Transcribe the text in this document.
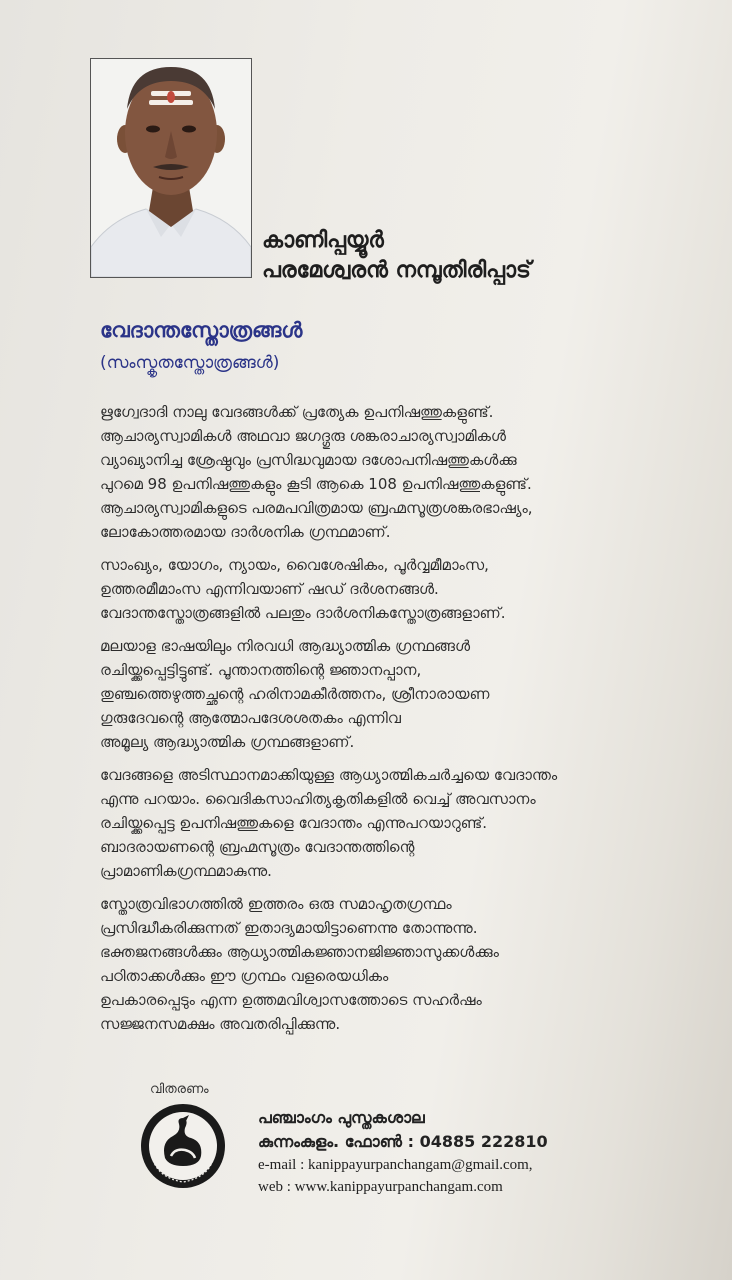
കാണിപ്പയ്യൂർ
പരമേശ്വരൻ നമ്പൂതിരിപ്പാട്
വേദാന്തസ്തോത്രങ്ങൾ
(സംസ്കൃതസ്തോത്രങ്ങൾ)

ഋഗ്വേദാദി നാലു വേദങ്ങൾക്ക് പ്രത്യേക ഉപനിഷത്തുകളുണ്ട്.
ആചാര്യസ്വാമികൾ അഥവാ ജഗദ്ഗുരു ശങ്കരാചാര്യസ്വാമികൾ
വ്യാഖ്യാനിച്ച ശ്രേഷ്ഠവും പ്രസിദ്ധവുമായ ദശോപനിഷത്തുകൾക്കു
പുറമെ 98 ഉപനിഷത്തുകളും കൂടി ആകെ 108 ഉപനിഷത്തുകളുണ്ട്.
ആചാര്യസ്വാമികളുടെ പരമപവിത്രമായ ബ്രഹ്മസൂത്രശങ്കരഭാഷ്യം,
ലോകോത്തരമായ ദാർശനിക ഗ്രന്ഥമാണ്.

സാംഖ്യം, യോഗം, ന്യായം, വൈശേഷികം, പൂർവ്വമീമാംസ,
ഉത്തരമീമാംസ എന്നിവയാണ് ഷഡ് ദർശനങ്ങൾ.
വേദാന്തസ്തോത്രങ്ങളിൽ പലതും ദാർശനികസ്തോത്രങ്ങളാണ്.

മലയാള ഭാഷയിലും നിരവധി ആദ്ധ്യാത്മിക ഗ്രന്ഥങ്ങൾ
രചിയ്ക്കപ്പെട്ടിട്ടുണ്ട്. പൂന്താനത്തിന്റെ ജ്ഞാനപ്പാന,
തുഞ്ചത്തെഴുത്തച്ഛന്റെ ഹരിനാമകീർത്തനം, ശ്രീനാരായണ
ഗുരുദേവന്റെ ആത്മോപദേശശതകം എന്നിവ
അമൂല്യ ആദ്ധ്യാത്മിക ഗ്രന്ഥങ്ങളാണ്.

വേദങ്ങളെ അടിസ്ഥാനമാക്കിയുള്ള ആധ്യാത്മികചർച്ചയെ വേദാന്തം
എന്നു പറയാം. വൈദികസാഹിത്യകൃതികളിൽ വെച്ച് അവസാനം
രചിയ്ക്കപ്പെട്ട ഉപനിഷത്തുകളെ വേദാന്തം എന്നുപറയാറുണ്ട്.
ബാദരായണന്റെ ബ്രഹ്മസൂത്രം വേദാന്തത്തിന്റെ
പ്രാമാണികഗ്രന്ഥമാകുന്നു.

സ്തോത്രവിഭാഗത്തിൽ ഇത്തരം ഒരു സമാഹൃതഗ്രന്ഥം
പ്രസിദ്ധീകരിക്കുന്നത് ഇതാദ്യമായിട്ടാണെന്നു തോന്നുന്നു.
ഭക്തജനങ്ങൾക്കും ആധ്യാത്മികജ്ഞാനജിജ്ഞാസുക്കൾക്കും
പഠിതാക്കൾക്കും ഈ ഗ്രന്ഥം വളരെയധികം
ഉപകാരപ്പെടും എന്ന ഉത്തമവിശ്വാസത്തോടെ സഹർഷം
സജ്ജനസമക്ഷം അവതരിപ്പിക്കുന്നു.

വിതരണം
പഞ്ചാംഗം പുസ്തകശാല
കുന്നംകുളം. ഫോൺ : 04885 222810
e-mail : kanippayurpanchangam@gmail.com,
web : www.kanippayurpanchangam.com
